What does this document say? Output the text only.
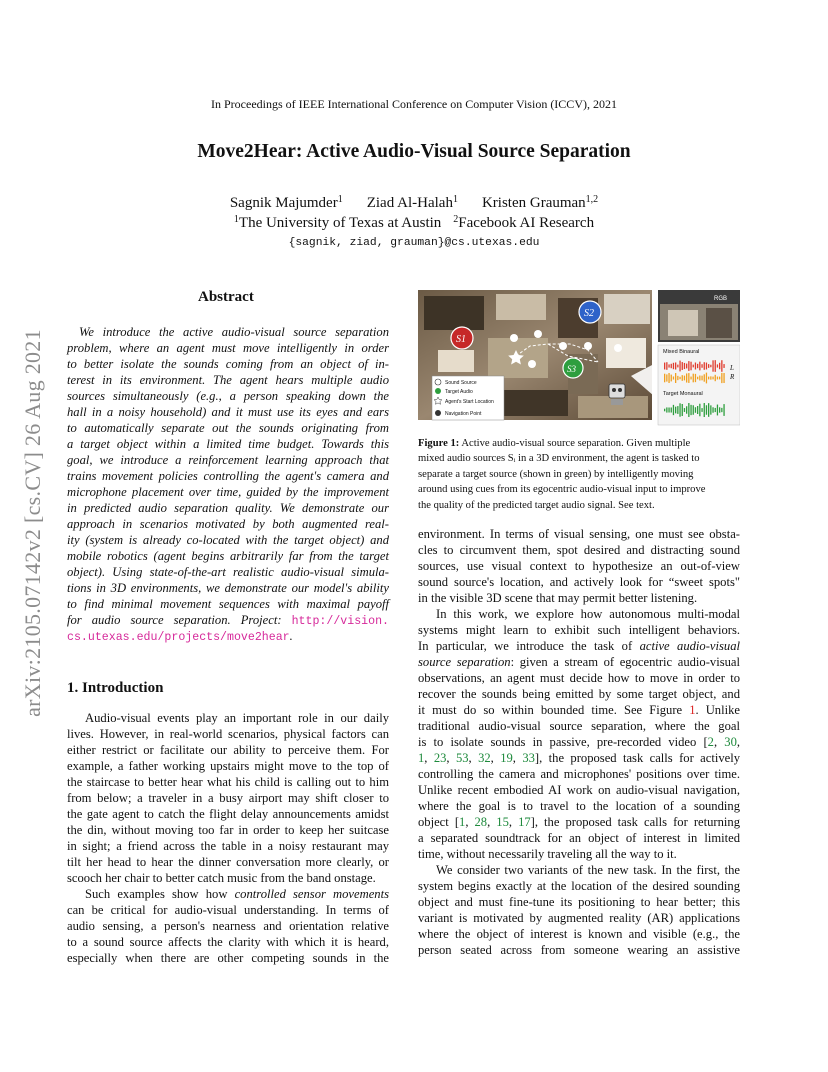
arXiv:2105.07142v2 [cs.CV] 26 Aug 2021
In Proceedings of IEEE International Conference on Computer Vision (ICCV), 2021
Move2Hear: Active Audio-Visual Source Separation
Sagnik Majumder$^1$ Ziad Al-Halah$^1$ Kristen Grauman$^{1,2}$
$^1$The University of Texas at Austin $^2$Facebook AI Research
{sagnik, ziad, grauman}@cs.utexas.edu
Abstract
We introduce the active audio-visual source separation
problem, where an agent must move intelligently in order
to better isolate the sounds coming from an object of in-
terest in its environment. The agent hears multiple audio
sources simultaneously (e.g., a person speaking down the
hall in a noisy household) and it must use its eyes and ears
to automatically separate out the sounds originating from
a target object within a limited time budget. Towards this
goal, we introduce a reinforcement learning approach that
trains movement policies controlling the agent's camera and
microphone placement over time, guided by the improvement
in predicted audio separation quality. We demonstrate our
approach in scenarios motivated by both augmented real-
ity (system is already co-located with the target object) and
mobile robotics (agent begins arbitrarily far from the target
object). Using state-of-the-art realistic audio-visual simula-
tions in 3D environments, we demonstrate our model's ability
to find minimal movement sequences with maximal payoff
for audio source separation. Project: http://vision.
cs.utexas.edu/projects/move2hear.
1. Introduction
Audio-visual events play an important role in our daily
lives. However, in real-world scenarios, physical factors can
either restrict or facilitate our ability to perceive them. For
example, a father working upstairs might move to the top of
the staircase to better hear what his child is calling out to him
from below; a traveler in a busy airport may shift closer to
the gate agent to catch the flight delay announcements amidst
the din, without moving too far in order to keep her suitcase
in sight; a friend across the table in a noisy restaurant may
tilt her head to hear the dinner conversation more clearly, or
scooch her chair to better catch music from the band onstage.
Such examples show how controlled sensor movements
can be critical for audio-visual understanding. In terms of
audio sensing, a person's nearness and orientation relative
to a sound source affects the clarity with which it is heard,
especially when there are other competing sounds in the
S1
S2
S3
Sound Source
Target Audio
Agent's Start Location
Navigation Point
RGB
Mixed Binaural
L
R
Target Monaural
Figure 1: Active audio-visual source separation. Given multiple
mixed audio sources Sᵢ in a 3D environment, the agent is tasked to
separate a target source (shown in green) by intelligently moving
around using cues from its egocentric audio-visual input to improve
the quality of the predicted target audio signal. See text.
environment. In terms of visual sensing, one must see obsta-
cles to circumvent them, spot desired and distracting sound
sources, use visual context to hypothesize an out-of-view
sound source's location, and actively look for “sweet spots"
in the visible 3D scene that may permit better listening.
In this work, we explore how autonomous multi-modal
systems might learn to exhibit such intelligent behaviors.
In particular, we introduce the task of active audio-visual
source separation: given a stream of egocentric audio-visual
observations, an agent must decide how to move in order to
recover the sounds being emitted by some target object, and
it must do so within bounded time. See Figure 1. Unlike
traditional audio-visual source separation, where the goal
is to isolate sounds in passive, pre-recorded video [2, 30,
1, 23, 53, 32, 19, 33], the proposed task calls for actively
controlling the camera and microphones' positions over time.
Unlike recent embodied AI work on audio-visual navigation,
where the goal is to travel to the location of a sounding
object [1, 28, 15, 17], the proposed task calls for returning
a separated soundtrack for an object of interest in limited
time, without necessarily traveling all the way to it.
We consider two variants of the new task. In the first, the
system begins exactly at the location of the desired sounding
object and must fine-tune its positioning to hear better; this
variant is motivated by augmented reality (AR) applications
where the object of interest is known and visible (e.g., the
person seated across from someone wearing an assistive
